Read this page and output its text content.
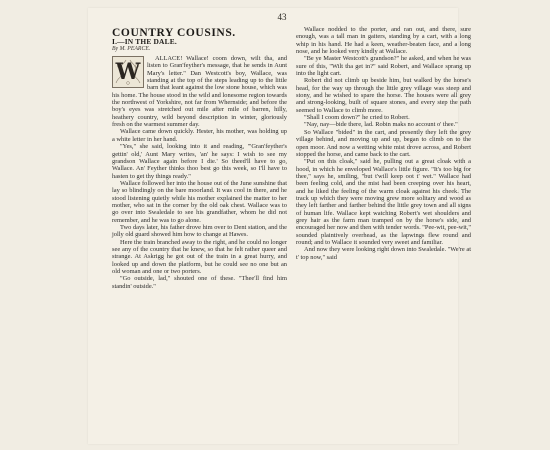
43
COUNTRY COUSINS.
I.—IN THE DALE.
By M. PEARCE.
W

ALLACE! Wallace! coom down, wilt tha, and listen to Gran'feyther's message, that he sends in Aunt Mary's letter." Dan Westcott's boy, Wallace, was standing at the top of the steps leading up to the little barn that leant against the low stone house, which was his home. The house stood in the wild and lonesome region towards the northwest of Yorkshire, not far from Whernside; and before the boy's eyes was stretched out mile after mile of barren, hilly, heathery country, wild beyond description in winter, gloriously fresh on the warmest summer day.

Wallace came down quickly. Hester, his mother, was holding up a white letter in her hand.

"Yes," she said, looking into it and reading, "'Gran'feyther's gettin' old,' Aunt Mary writes, 'an' he says: I wish to see my grandson Wallace again before I die.' So theed'll have to go, Wallace. An' Feyther thinks thoo best go this week, so I'll have to hasten to get thy things ready."

Wallace followed her into the house out of the June sunshine that lay so blindingly on the bare moorland. It was cool in there, and he stood listening quietly while his mother explained the matter to her mother, who sat in the corner by the old oak chest. Wallace was to go over into Swaledale to see his grandfather, whom he did not remember, and he was to go alone.

Two days later, his father drove him over to Dent station, and the jolly old guard showed him how to change at Hawes.

Here the train branched away to the right, and he could no longer see any of the country that he knew, so that he felt rather queer and strange. At Askrigg he got out of the train in a great hurry, and looked up and down the platform, but he could see no one but an old woman and one or two porters.

"Go outside, lad," shouted one of these. "Thee'll find him standin' outside."

Wallace nodded to the porter, and ran out, and there, sure enough, was a tall man in gaiters, standing by a cart, with a long whip in his hand. He had a keen, weather-beaten face, and a long nose, and he looked very kindly at Wallace.

"Be ye Master Westcott's grandson?" he asked, and when he was sure of this, "Wilt tha get in?" said Robert, and Wallace sprang up into the light cart.

Robert did not climb up beside him, but walked by the horse's head, for the way up through the little grey village was steep and stony, and he wished to spare the horse. The houses were all grey and strong-looking, built of square stones, and every step the path seemed to Wallace to climb more.

"Shall I coom down?" he cried to Robert.

"Nay, nay—bide there, lad. Robin maks no account o' thee."

So Wallace "bided" in the cart, and presently they left the grey village behind, and moving up and up, began to climb on to the open moor. And now a wetting white mist drove across, and Robert stopped the horse, and came back to the cart.

"Put on this cloak," said he, pulling out a great cloak with a hood, in which he enveloped Wallace's little figure. "It's too big for thee," says he, smiling, "but t'will keep oot t' wet." Wallace had been feeling cold, and the mist had been creeping over his heart, and he liked the feeling of the warm cloak against his cheek. The track up which they were moving grew more solitary and wood as they left farther and farther behind the little grey town and all signs of human life. Wallace kept watching Robert's wet shoulders and grey hair as the farm man tramped on by the horse's side, and encouraged her now and then with tender words. "Pee-wit, pee-wit," sounded plaintively overhead, as the lapwings flew round and round; and to Wallace it sounded very sweet and familiar.

And now they were looking right down into Swaledale. "We're at t' top now," said
